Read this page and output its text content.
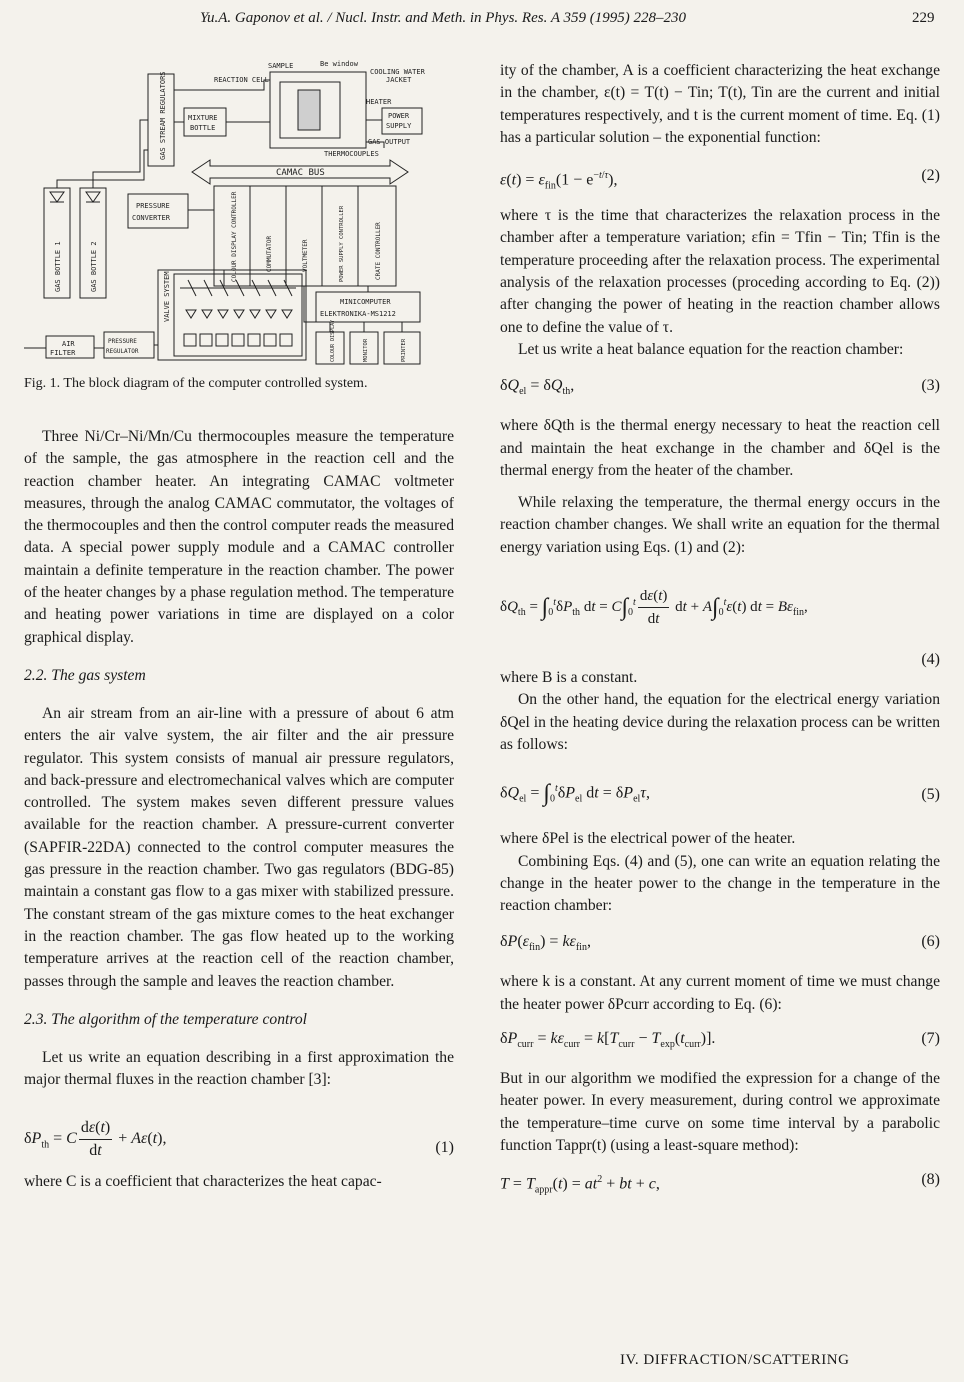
Yu.A. Gaponov et al. / Nucl. Instr. and Meth. in Phys. Res. A 359 (1995) 228–230	229
SAMPLE	Be window
COOLING WATER
JACKET
REACTION CELL
HEATER
POWER
SUPPLY
MIXTURE
BOTTLE
GAS OUTPUT
THERMOCOUPLES
GAS STREAM REGULATORS
CAMAC BUS
PRESSURE
CONVERTER	COLOUR DISPLAY CONTROLLER	COMMUTATOR	VOLTMETER	POWER SUPPLY CONTROLLER	CRATE CONTROLLER
GAS BOTTLE 1	GAS BOTTLE 2
VALVE SYSTEM	MINICOMPUTER
ELEKTRONIKA-MS1212
AIR
FILTER
PRESSURE
REGULATOR	COLOUR DISPLAY	MONITOR	PRINTER
Fig. 1. The block diagram of the computer controlled system.

Three Ni/Cr–Ni/Mn/Cu thermocouples measure the temperature of the sample, the gas atmosphere in the reaction cell and the reaction chamber heater. An integrating CAMAC voltmeter measures, through the analog CAMAC commutator, the voltages of the thermocouples and then the control computer reads the measured data. A special power supply module and a CAMAC controller maintain a definite temperature in the reaction chamber. The power of the heater changes by a phase regulation method. The temperature and heating power variations in time are displayed on a color graphical display.

2.2. The gas system

An air stream from an air-line with a pressure of about 6 atm enters the air valve system, the air filter and the air pressure regulator. This system consists of manual air pressure regulators, and back-pressure and electromechanical valves which are computer controlled. The system makes seven different pressure values available for the reaction chamber. A pressure-current converter (SAPFIR-22DA) connected to the control computer measures the gas pressure in the reaction chamber. Two gas regulators (BDG-85) maintain a constant gas flow to a gas mixer with stabilized pressure. The constant stream of the gas mixture comes to the heat exchanger in the reaction chamber. The gas flow heated up to the working temperature arrives at the reaction cell of the reaction chamber, passes through the sample and leaves the reaction chamber.

2.3. The algorithm of the temperature control

Let us write an equation describing in a first approximation the major thermal fluxes in the reaction chamber [3]:

$\delta P_{th} = C \frac{d\varepsilon(t)}{dt} + A\varepsilon(t)$,
(1)

where C is a coefficient that characterizes the heat capac-

ity of the chamber, A is a coefficient characterizing the heat exchange in the chamber, ε(t) = T(t) − Tin; T(t), Tin are the current and initial temperatures respectively, and t is the current moment of time. Eq. (1) has a particular solution – the exponential function:

$\varepsilon(t) = \varepsilon_{fin}(1 - e^{-t/\tau})$,	(2)

where τ is the time that characterizes the relaxation process in the chamber after a temperature variation; εfin = Tfin − Tin; Tfin is the temperature proceeding after the relaxation process. The experimental analysis of the relaxation processes (proceding according to Eq. (2)) after changing the power of heating in the reaction chamber allows one to define the value of τ.

Let us write a heat balance equation for the reaction chamber:

$\delta Q_{el} = \delta Q_{th}$,	(3)

where δQth is the thermal energy necessary to heat the reaction cell and maintain the heat exchange in the chamber and δQel is the thermal energy from the heater of the chamber.

While relaxing the temperature, the thermal energy occurs in the reaction chamber changes. We shall write an equation for the thermal energy variation using Eqs. (1) and (2):

$\delta Q_{th} = \int_0^t\delta P_{th}$ dt = $C\int_0^t \frac{d\varepsilon(t)}{dt}$ dt + $A\int_0^t\varepsilon(t)$ dt = $B\varepsilon_{fin}$,
(4)

where B is a constant.

On the other hand, the equation for the electrical energy variation δQel in the heating device during the relaxation process can be written as follows:

$\delta Q_{el} = \int_0^t\delta P_{el}$ dt = $\delta P_{el}\tau$,	(5)

where δPel is the electrical power of the heater.

Combining Eqs. (4) and (5), one can write an equation relating the change in the heater power to the change in the temperature in the reaction chamber:

$\delta P(\varepsilon_{fin}) = k\varepsilon_{fin}$,	(6)

where k is a constant. At any current moment of time we must change the heater power δPcurr according to Eq. (6):

$\delta P_{curr} = k\varepsilon_{curr} = k[T_{curr} - T_{exp}(t_{curr})]$.	(7)

But in our algorithm we modified the expression for a change of the heater power. In every measurement, during control we approximate the temperature–time curve on some time interval by a parabolic function Tappr(t) (using a least-square method):

$T = T_{appr}(t) = at^2$ + bt + c,	(8)
IV. DIFFRACTION/SCATTERING
